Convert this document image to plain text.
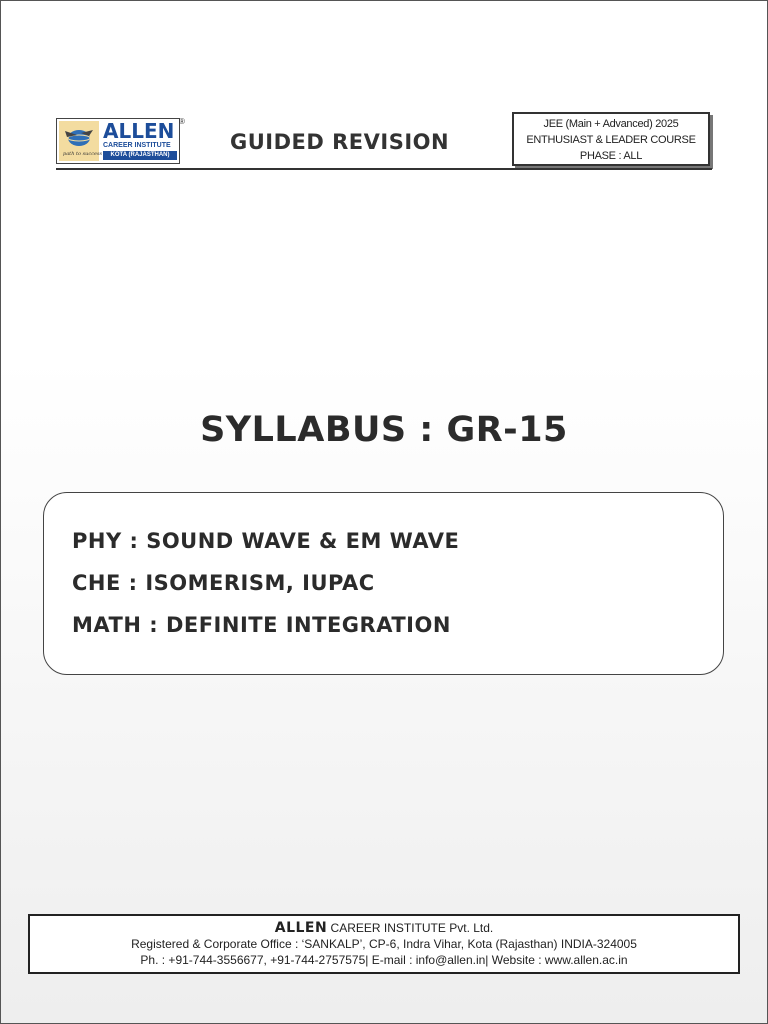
path to success
ALLEN
CAREER INSTITUTE
KOTA (RAJASTHAN)
®
GUIDED REVISION
JEE (Main + Advanced) 2025
ENTHUSIAST & LEADER COURSE
PHASE : ALL
SYLLABUS : GR-15
PHY : SOUND WAVE & EM WAVE
CHE : ISOMERISM, IUPAC
MATH : DEFINITE INTEGRATION
ALLEN CAREER INSTITUTE Pvt. Ltd.
Registered & Corporate Office : ‘SANKALP’, CP-6, Indra Vihar, Kota (Rajasthan) INDIA-324005
Ph. : +91-744-3556677, +91-744-2757575| E-mail : info@allen.in| Website : www.allen.ac.in
